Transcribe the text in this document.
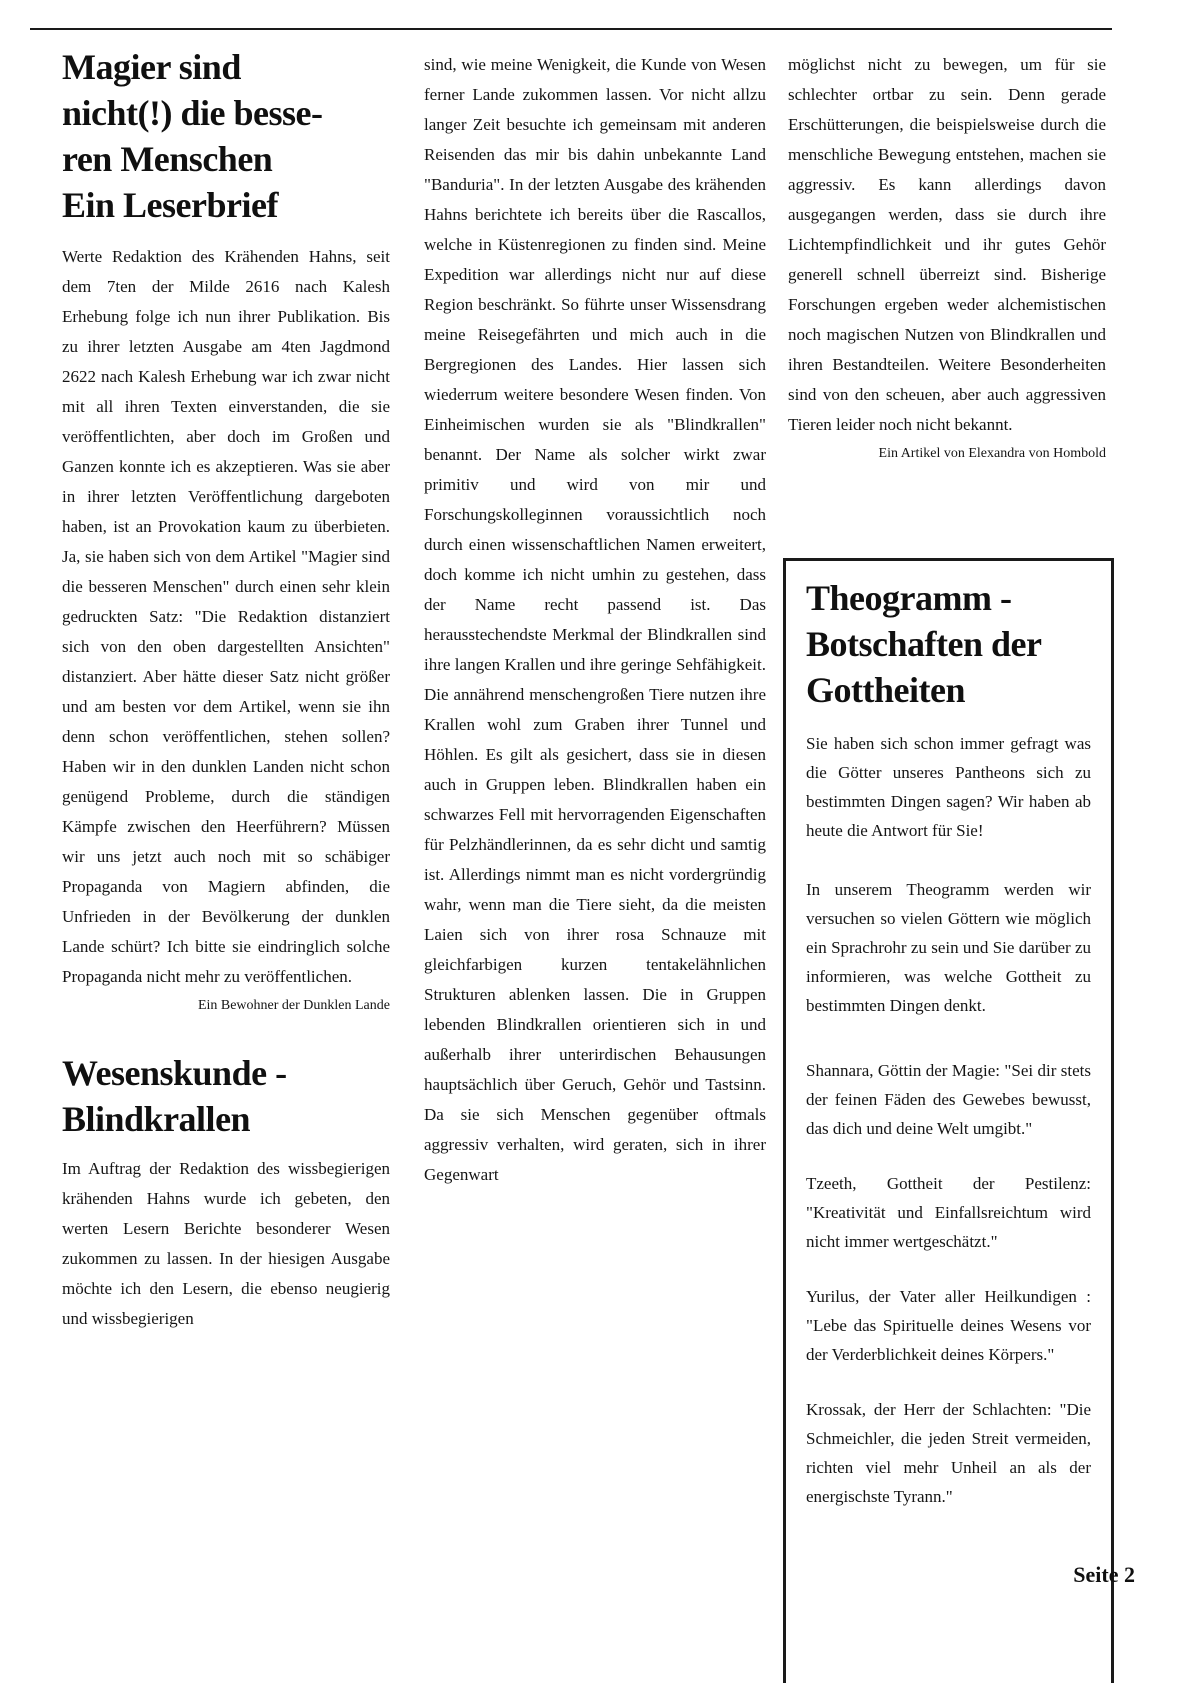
Magier sind
nicht(!) die besse-
ren Menschen
Ein Leserbrief

Werte Redaktion des Krähenden Hahns, seit dem 7ten der Milde 2616 nach Kalesh Erhebung folge ich nun ihrer Publikation. Bis zu ihrer letzten Ausgabe am 4ten Jagdmond 2622 nach Kalesh Erhebung war ich zwar nicht mit all ihren Texten einverstanden, die sie veröffentlichten, aber doch im Großen und Ganzen konnte ich es akzeptieren. Was sie aber in ihrer letzten Veröffentlichung dargeboten haben, ist an Provokation kaum zu überbieten. Ja, sie haben sich von dem Artikel "Magier sind die besseren Menschen" durch einen sehr klein gedruckten Satz: "Die Redaktion distanziert sich von den oben dargestellten Ansichten" distanziert. Aber hätte dieser Satz nicht größer und am besten vor dem Artikel, wenn sie ihn denn schon veröffentlichen, stehen sollen? Haben wir in den dunklen Landen nicht schon genügend Probleme, durch die ständigen Kämpfe zwischen den Heerführern? Müssen wir uns jetzt auch noch mit so schäbiger Propaganda von Magiern abfinden, die Unfrieden in der Bevölkerung der dunklen Lande schürt? Ich bitte sie eindringlich solche Propaganda nicht mehr zu veröffentlichen.

Ein Bewohner der Dunklen Lande

Wesenskunde -
Blindkrallen

Im Auftrag der Redaktion des wissbegierigen krähenden Hahns wurde ich gebeten, den werten Lesern Berichte besonderer Wesen zukommen zu lassen. In der hiesigen Ausgabe möchte ich den Lesern, die ebenso neugierig und wissbegierigen

sind, wie meine Wenigkeit, die Kunde von Wesen ferner Lande zukommen lassen. Vor nicht allzu langer Zeit besuchte ich gemeinsam mit anderen Reisenden das mir bis dahin unbekannte Land "Banduria". In der letzten Ausgabe des krähenden Hahns berichtete ich bereits über die Rascallos, welche in Küstenregionen zu finden sind. Meine Expedition war allerdings nicht nur auf diese Region beschränkt. So führte unser Wissensdrang meine Reisegefährten und mich auch in die Bergregionen des Landes. Hier lassen sich wiederrum weitere besondere Wesen finden. Von Einheimischen wurden sie als "Blindkrallen" benannt. Der Name als solcher wirkt zwar primitiv und wird von mir und Forschungskolleginnen voraussichtlich noch durch einen wissenschaftlichen Namen erweitert, doch komme ich nicht umhin zu gestehen, dass der Name recht passend ist. Das herausstechendste Merkmal der Blindkrallen sind ihre langen Krallen und ihre geringe Sehfähigkeit. Die annährend menschengroßen Tiere nutzen ihre Krallen wohl zum Graben ihrer Tunnel und Höhlen. Es gilt als gesichert, dass sie in diesen auch in Gruppen leben. Blindkrallen haben ein schwarzes Fell mit hervorragenden Eigenschaften für Pelzhändlerinnen, da es sehr dicht und samtig ist. Allerdings nimmt man es nicht vordergründig wahr, wenn man die Tiere sieht, da die meisten Laien sich von ihrer rosa Schnauze mit gleichfarbigen kurzen tentakelähnlichen Strukturen ablenken lassen. Die in Gruppen lebenden Blindkrallen orientieren sich in und außerhalb ihrer unterirdischen Behausungen hauptsächlich über Geruch, Gehör und Tastsinn. Da sie sich Menschen gegenüber oftmals aggressiv verhalten, wird geraten, sich in ihrer Gegenwart

möglichst nicht zu bewegen, um für sie schlechter ortbar zu sein. Denn gerade Erschütterungen, die beispielsweise durch die menschliche Bewegung entstehen, machen sie aggressiv. Es kann allerdings davon ausgegangen werden, dass sie durch ihre Lichtempfindlichkeit und ihr gutes Gehör generell schnell überreizt sind. Bisherige Forschungen ergeben weder alchemistischen noch magischen Nutzen von Blindkrallen und ihren Bestandteilen. Weitere Besonderheiten sind von den scheuen, aber auch aggressiven Tieren leider noch nicht bekannt.

Ein Artikel von Elexandra von Hombold

Theogramm -
Botschaften der
Gottheiten

Sie haben sich schon immer gefragt was die Götter unseres Pantheons sich zu bestimmten Dingen sagen? Wir haben ab heute die Antwort für Sie!

In unserem Theogramm werden wir versuchen so vielen Göttern wie möglich ein Sprachrohr zu sein und Sie darüber zu informieren, was welche Gottheit zu bestimmten Dingen denkt.

Shannara, Göttin der Magie: "Sei dir stets der feinen Fäden des Gewebes bewusst, das dich und deine Welt umgibt."

Tzeeth, Gottheit der Pestilenz: "Kreativität und Einfallsreichtum wird nicht immer wertgeschätzt."

Yurilus, der Vater aller Heilkundigen : "Lebe das Spirituelle deines Wesens vor der Verderblichkeit deines Körpers."

Krossak, der Herr der Schlachten: "Die Schmeichler, die jeden Streit vermeiden, richten viel mehr Unheil an als der energischste Tyrann."

Seite 2
